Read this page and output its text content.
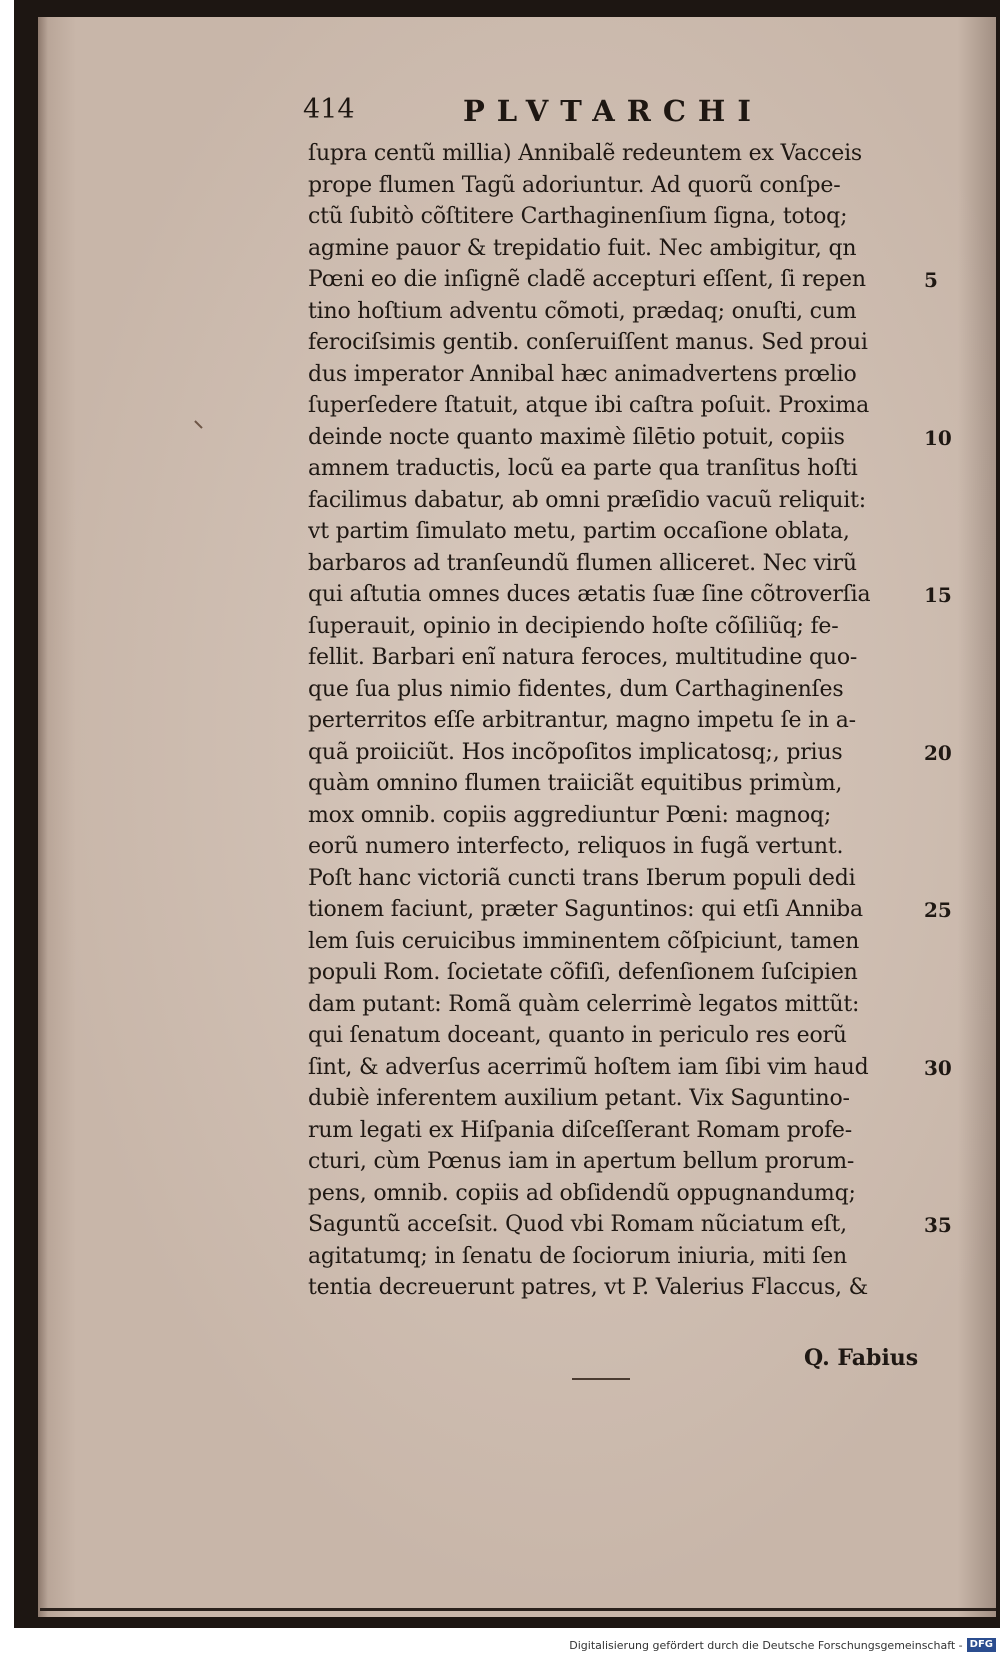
414	PLVTARCHI
ſupra centũ millia) Annibalẽ redeuntem ex Vacceis
prope flumen Tagũ adoriuntur. Ad quorũ conſpe-
ctũ ſubitò cõſtitere Carthaginenſium ſigna, totoq;
agmine pauor & trepidatio fuit. Nec ambigitur, qn
Pœni eo die inſignẽ cladẽ accepturi eſſent, ſi repen
tino hoſtium adventu cõmoti, prædaq; onuſti, cum
ferociſsimis gentib. conſeruiſſent manus. Sed proui
dus imperator Annibal hæc animadvertens prœlio
ſuperſedere ſtatuit, atque ibi caſtra poſuit. Proxima
deinde nocte quanto maximè ſilētio potuit, copiis
amnem traductis, locũ ea parte qua tranſitus hoſti
facilimus dabatur, ab omni præſidio vacuũ reliquit:
vt partim ſimulato metu, partim occaſione oblata,
barbaros ad tranſeundũ flumen alliceret. Nec virũ
qui aſtutia omnes duces ætatis ſuæ ſine cõtroverſia
ſuperauit, opinio in decipiendo hoſte cõſiliũq; fe-
fellit. Barbari enĩ natura feroces, multitudine quo-
que ſua plus nimio fidentes, dum Carthaginenſes
perterritos eſſe arbitrantur, magno impetu ſe in a-
quã proiiciũt. Hos incõpoſitos implicatosq;, prius
quàm omnino flumen traiiciãt equitibus primùm,
mox omnib. copiis aggrediuntur Pœni: magnoq;
eorũ numero interfecto, reliquos in fugã vertunt.
Poſt hanc victoriã cuncti trans Iberum populi dedi
tionem faciunt, præter Saguntinos: qui etſi Anniba
lem ſuis ceruicibus imminentem cõſpiciunt, tamen
populi Rom. ſocietate cõfiſi, defenſionem ſuſcipien
dam putant: Romã quàm celerrimè legatos mittũt:
qui ſenatum doceant, quanto in periculo res eorũ
ſint, & adverſus acerrimũ hoſtem iam ſibi vim haud
dubiè inferentem auxilium petant. Vix Saguntino-
rum legati ex Hiſpania diſceſſerant Romam profe-
cturi, cùm Pœnus iam in apertum bellum prorum-
pens, omnib. copiis ad obſidendũ oppugnandumq;
Saguntũ acceſsit. Quod vbi Romam nũciatum eſt,
agitatumq; in ſenatu de ſociorum iniuria, miti ſen
tentia decreuerunt patres, vt P. Valerius Flaccus, &
5
10
15
20
25
30
35
Q. Fabius
Digitalisierung gefördert durch die Deutsche Forschungsgemeinschaft - DFG
